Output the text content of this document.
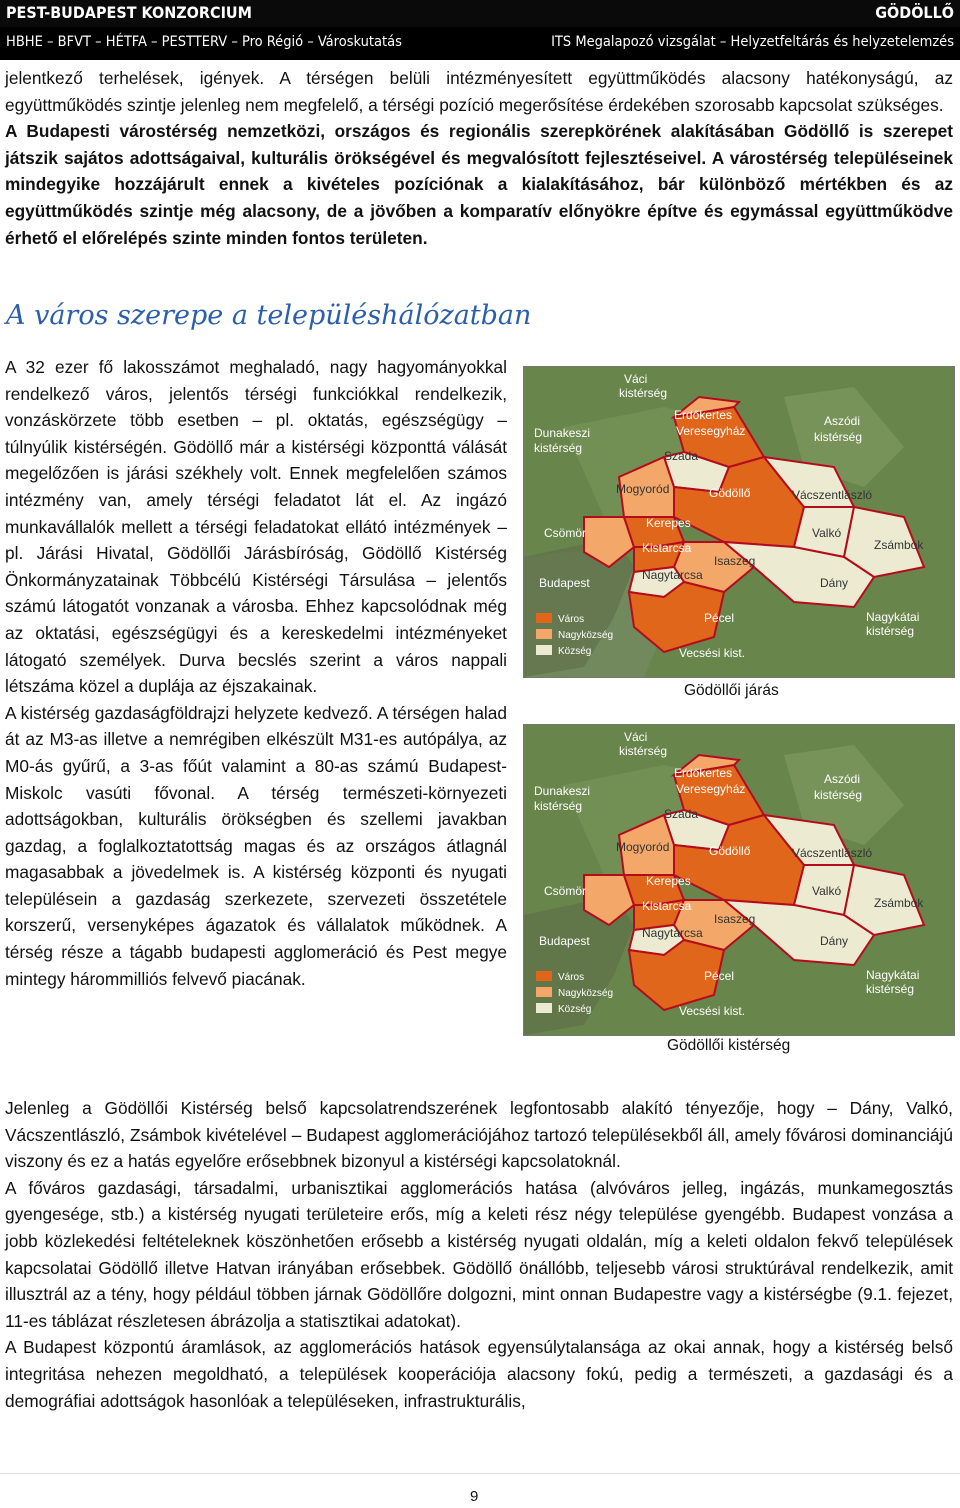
PEST-BUDAPEST KONZORCIUM	GÖDÖLLŐ
HBHE – BFVT – HÉTFA – PESTTERV – Pro Régió – Városkutatás	ITS Megalapozó vizsgálat – Helyzetfeltárás és helyzetelemzés

jelentkező terhelések, igények. A térségen belüli intézményesített együttműködés alacsony hatékonyságú, az együttműködés szintje jelenleg nem megfelelő, a térségi pozíció megerősítése érdekében szorosabb kapcsolat szükséges.

A Budapesti várostérség nemzetközi, országos és regionális szerepkörének alakításában Gödöllő is szerepet játszik sajátos adottságaival, kulturális örökségével és megvalósított fejlesztéseivel. A várostérség településeinek mindegyike hozzájárult ennek a kivételes pozíciónak a kialakításához, bár különböző mértékben és az együttműködés szintje még alacsony, de a jövőben a komparatív előnyökre építve és egymással együttműködve érhető el előrelépés szinte minden fontos területen.

A város szerepe a településhálózatban

A 32 ezer fő lakosszámot meghaladó, nagy hagyományokkal rendelkező város, jelentős térségi funkciókkal rendelkezik, vonzáskörzete több esetben – pl. oktatás, egészségügy – túlnyúlik kistérségén. Gödöllő már a kistérségi központtá válását megelőzően is járási székhely volt. Ennek megfelelően számos intézmény van, amely térségi feladatot lát el. Az ingázó munkavállalók mellett a térségi feladatokat ellátó intézmények – pl. Járási Hivatal, Gödöllői Járásbíróság, Gödöllő Kistérség Önkormányzatainak Többcélú Kistérségi Társulása – jelentős számú látogatót vonzanak a városba. Ehhez kapcsolódnak még az oktatási, egészségügyi és a kereskedelmi intézményeket látogató személyek. Durva becslés szerint a város nappali létszáma közel a duplája az éjszakainak.

A kistérség gazdaságföldrajzi helyzete kedvező. A térségen halad át az M3-as illetve a nemrégiben elkészült M31-es autópálya, az M0-ás gyűrű, a 3-as főút valamint a 80-as számú Budapest-Miskolc vasúti fővonal. A térség természeti-környezeti adottságokban, kulturális örökségben és szellemi javakban gazdag, a foglalkoztatottság magas és az országos átlagnál magasabbak a jövedelmek is. A kistérség központi és nyugati településein a gazdaság szerkezete, szervezeti összetétele korszerű, versenyképes ágazatok és vállalatok működnek. A térség része a tágabb budapesti agglomeráció és Pest megye mintegy hárommilliós felvevő piacának.

Váci
kistérség
Erdőkertes
Veresegyház
Aszódi
kistérség
Dunakeszi
kistérség
Szada
Mogyoród	Gödöllő	Vácszentlászló
Csömör
Kerepes
Kistarcsa
Valkó
Zsámbok
Isaszeg
Budapest
Nagytarcsa
Dány
Pécel	Nagykátai
kistérség
Vecsési kist.
Város
Nagyközség
Község
Gödöllői járás
Váci
kistérség
Erdőkertes
Veresegyház
Aszódi
kistérség
Dunakeszi
kistérség
Szada
Mogyoród	Gödöllő	Vácszentlászló
Csömör
Kerepes
Kistarcsa
Valkó
Zsámbok
Isaszeg
Budapest
Nagytarcsa
Dány
Pécel	Nagykátai
kistérség
Vecsési kist.
Város
Nagyközség
Község
Gödöllői kistérség

Jelenleg a Gödöllői Kistérség belső kapcsolatrendszerének legfontosabb alakító tényezője, hogy – Dány, Valkó, Vácszentlászló, Zsámbok kivételével – Budapest agglomerációjához tartozó településekből áll, amely fővárosi dominanciájú viszony és ez a hatás egyelőre erősebbnek bizonyul a kistérségi kapcsolatoknál.

A főváros gazdasági, társadalmi, urbanisztikai agglomerációs hatása (alvóváros jelleg, ingázás, munkamegosztás gyengesége, stb.) a kistérség nyugati területeire erős, míg a keleti rész négy települése gyengébb. Budapest vonzása a jobb közlekedési feltételeknek köszönhetően erősebb a kistérség nyugati oldalán, míg a keleti oldalon fekvő települések kapcsolatai Gödöllő illetve Hatvan irányában erősebbek. Gödöllő önállóbb, teljesebb városi struktúrával rendelkezik, amit illusztrál az a tény, hogy például többen járnak Gödöllőre dolgozni, mint onnan Budapestre vagy a kistérségbe (9.1. fejezet, 11-es táblázat részletesen ábrázolja a statisztikai adatokat).

A Budapest központú áramlások, az agglomerációs hatások egyensúlytalansága az okai annak, hogy a kistérség belső integritása nehezen megoldható, a települések kooperációja alacsony fokú, pedig a természeti, a gazdasági és a demográfiai adottságok hasonlóak a településeken, infrastrukturális,

9
